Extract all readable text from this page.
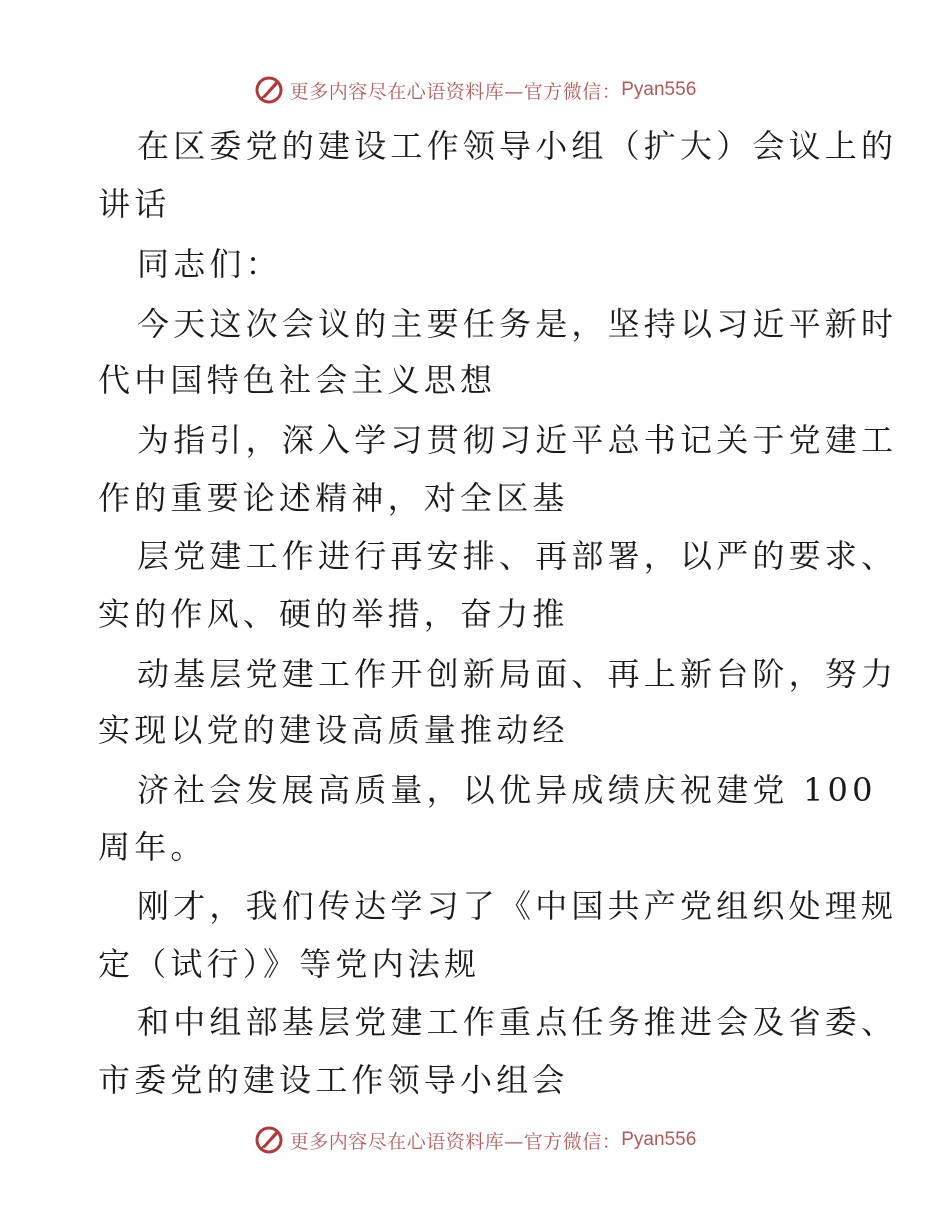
更多内容尽在心语资料库—官方微信： Pyan556
在区委党的建设工作领导小组（扩大）会议上的
讲话
同志们：
今天这次会议的主要任务是，坚持以习近平新时
代中国特色社会主义思想
为指引，深入学习贯彻习近平总书记关于党建工
作的重要论述精神，对全区基
层党建工作进行再安排、再部署，以严的要求、
实的作风、硬的举措，奋力推
动基层党建工作开创新局面、再上新台阶，努力
实现以党的建设高质量推动经
济社会发展高质量，以优异成绩庆祝建党 100
周年。
刚才，我们传达学习了《中国共产党组织处理规
定（试行）》等党内法规
和中组部基层党建工作重点任务推进会及省委、
市委党的建设工作领导小组会
更多内容尽在心语资料库—官方微信： Pyan556
